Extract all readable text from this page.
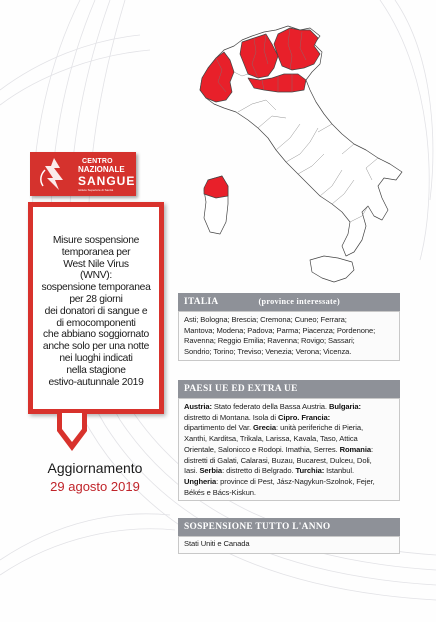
CENTRO
NAZIONALE
SANGUE
Istituto Superiore di Sanità
Misure sospensione
temporanea per
West Nile Virus
(WNV):
sospensione temporanea
per 28 giorni
dei donatori di sangue e
di emocomponenti
che abbiano soggiornato
anche solo per una notte
nei luoghi indicati
nella stagione
estivo-autunnale 2019
Aggiornamento
29 agosto 2019
ITALIA	(province interessate)
Asti; Bologna; Brescia; Cremona; Cuneo; Ferrara;
Mantova; Modena; Padova; Parma; Piacenza; Pordenone;
Ravenna; Reggio Emilia; Ravenna; Rovigo; Sassari;
Sondrio; Torino; Treviso; Venezia; Verona; Vicenza.
PAESI UE ED EXTRA UE
Austria: Stato federato della Bassa Austria. Bulgaria:
distretto di Montana. Isola di Cipro. Francia:
dipartimento del Var. Grecia: unità periferiche di Pieria,
Xanthi, Karditsa, Trikala, Larissa, Kavala, Taso, Attica
Orientale, Salonicco e Rodopi. Imathia, Serres. Romania:
distretti di Galati, Calarasi, Buzau, Bucarest, Dulceu, Doli,
Iasi. Serbia: distretto di Belgrado. Turchia: Istanbul.
Ungheria: province di Pest, Jász-Nagykun-Szolnok, Fejer,
Békés e Bács-Kiskun.
SOSPENSIONE TUTTO L'ANNO
Stati Uniti e Canada
